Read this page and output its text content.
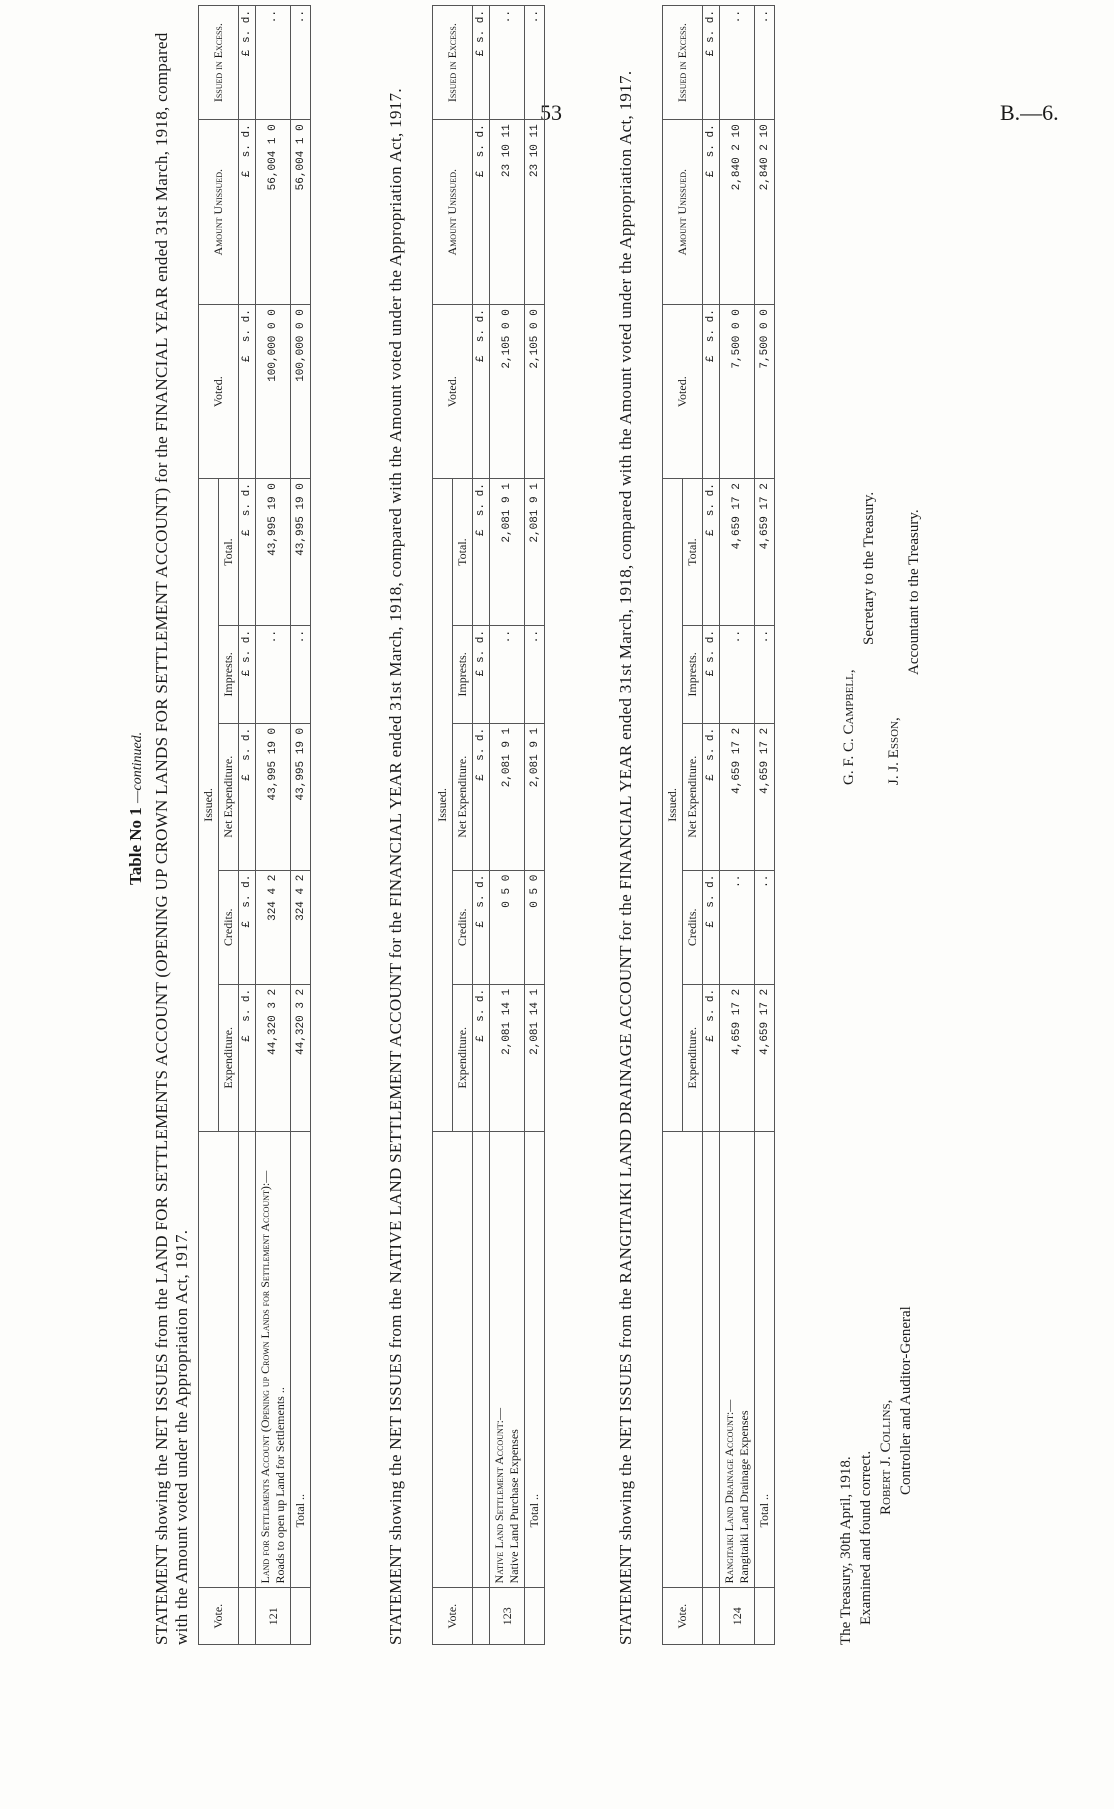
53	B.—6.
Table No 1 —continued. STATEMENT showing the NET ISSUES from the LAND FOR SETTLEMENTS ACCOUNT (OPENING UP CROWN LANDS FOR SETTLEMENT ACCOUNT) for the FINANCIAL YEAR ended 31st March, 1918, compared with the Amount voted under the Appropriation Act, 1917. Vote.		Issued.					Voted.	Amount Unissued.	Issued in Excess.
		Expenditure.	Credits.	Net Expenditure.	Imprests.	Total.			
		£  s. d.	£  s. d.	£  s. d.	£ s. d.	£  s. d.	£  s. d.	£  s. d.	£ s. d.
121	Land for Settlements Account (Opening up Crown Lands for Settlement Account):—
Roads to open up Land for Settlements ..	44,320 3 2	324 4 2	43,995 19 0	..	43,995 19 0	100,000 0 0	56,004 1 0	..
	Total ..	44,320 3 2	324 4 2	43,995 19 0	..	43,995 19 0	100,000 0 0	56,004 1 0	..
STATEMENT showing the NET ISSUES from the NATIVE LAND SETTLEMENT ACCOUNT for the FINANCIAL YEAR ended 31st March, 1918, compared with the Amount voted under the Appropriation Act, 1917.	Vote.		Issued.					Voted.	Amount Unissued.	Issued in Excess.
		Expenditure.	Credits.	Net Expenditure.	Imprests.	Total.			
		£  s. d.	£  s. d.	£  s. d.	£ s. d.	£  s. d.	£  s. d.	£  s. d.	£ s. d.
123	Native Land Settlement Account:—
Native Land Purchase Expenses	2,081 14 1	0 5 0	2,081 9 1	..	2,081 9 1	2,105 0 0	23 10 11	..
	Total ..	2,081 14 1	0 5 0	2,081 9 1	..	2,081 9 1	2,105 0 0	23 10 11	..
STATEMENT showing the NET ISSUES from the RANGITAIKI LAND DRAINAGE ACCOUNT for the FINANCIAL YEAR ended 31st March, 1918, compared with the Amount voted under the Appropriation Act, 1917.	Vote.		Issued.					Voted.	Amount Unissued.	Issued in Excess.
		Expenditure.	Credits.	Net Expenditure.	Imprests.	Total.			
		£  s. d.	£  s. d.	£  s. d.	£ s. d.	£  s. d.	£  s. d.	£  s. d.	£ s. d.
124	Rangitaiki Land Drainage Account:—
Rangitaiki Land Drainage Expenses	4,659 17 2	..	4,659 17 2	..	4,659 17 2	7,500 0 0	2,840 2 10	..
	Total ..	4,659 17 2	..	4,659 17 2	..	4,659 17 2	7,500 0 0	2,840 2 10	..
The Treasury, 30th April, 1918. Examined and found correct. Robert J. Collins, Controller and Auditor-General
G. F. C. Campbell,
Secretary to the Treasury.
J. J. Esson,
Accountant to the Treasury.
